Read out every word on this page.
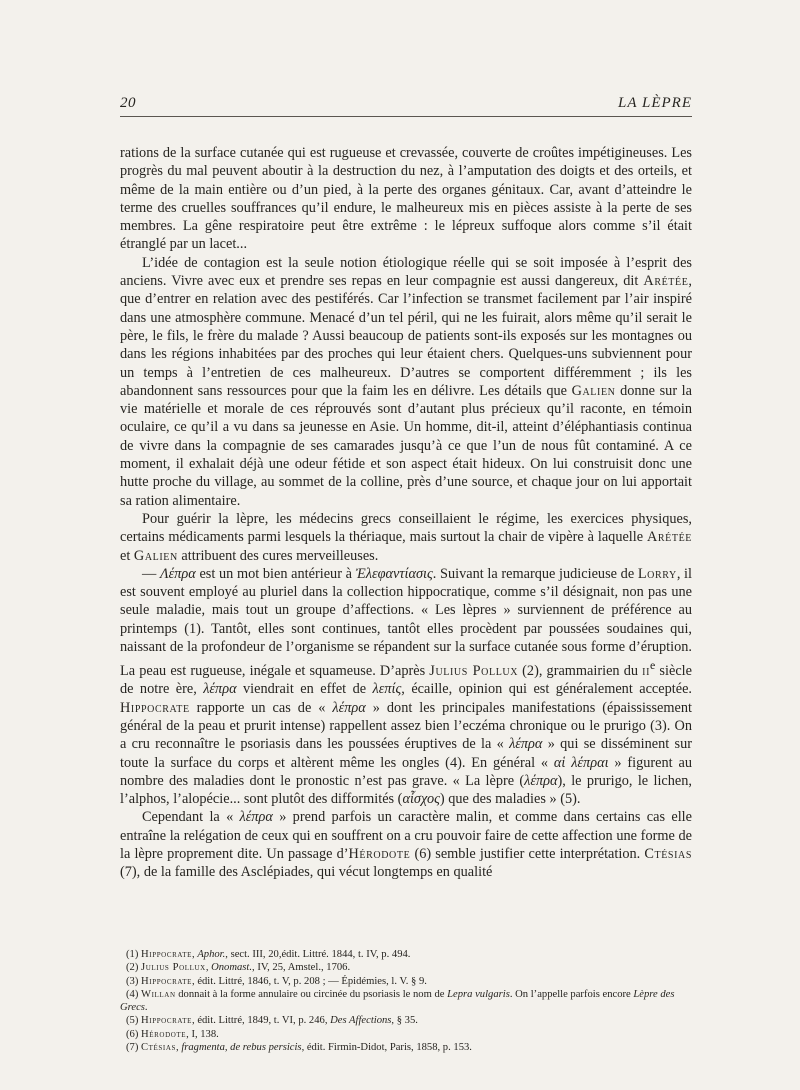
20	LA LÈPRE

rations de la surface cutanée qui est rugueuse et crevassée, couverte de croûtes impétigineuses. Les progrès du mal peuvent aboutir à la destruction du nez, à l’amputation des doigts et des orteils, et même de la main entière ou d’un pied, à la perte des organes génitaux. Car, avant d’atteindre le terme des cruelles souffrances qu’il endure, le malheureux mis en pièces assiste à la perte de ses membres. La gêne respiratoire peut être extrême : le lépreux suffoque alors comme s’il était étranglé par un lacet...

L’idée de contagion est la seule notion étiologique réelle qui se soit imposée à l’esprit des anciens. Vivre avec eux et prendre ses repas en leur compagnie est aussi dangereux, dit Arétée, que d’entrer en relation avec des pestiférés. Car l’infection se transmet facilement par l’air inspiré dans une atmosphère commune. Menacé d’un tel péril, qui ne les fuirait, alors même qu’il serait le père, le fils, le frère du malade ? Aussi beaucoup de patients sont-ils exposés sur les montagnes ou dans les régions inhabitées par des proches qui leur étaient chers. Quelques-uns subviennent pour un temps à l’entretien de ces malheureux. D’autres se comportent différemment ; ils les abandonnent sans ressources pour que la faim les en délivre. Les détails que Galien donne sur la vie matérielle et morale de ces réprouvés sont d’autant plus précieux qu’il raconte, en témoin oculaire, ce qu’il a vu dans sa jeunesse en Asie. Un homme, dit-il, atteint d’éléphantiasis continua de vivre dans la compagnie de ses camarades jusqu’à ce que l’un de nous fût contaminé. A ce moment, il exhalait déjà une odeur fétide et son aspect était hideux. On lui construisit donc une hutte proche du village, au sommet de la colline, près d’une source, et chaque jour on lui apportait sa ration alimentaire.

Pour guérir la lèpre, les médecins grecs conseillaient le régime, les exercices physiques, certains médicaments parmi lesquels la thériaque, mais surtout la chair de vipère à laquelle Arétée et Galien attribuent des cures merveilleuses.

— Λέπρα est un mot bien antérieur à Ἐλεφαντίασις. Suivant la remarque judicieuse de Lorry, il est souvent employé au pluriel dans la collection hippocratique, comme s’il désignait, non pas une seule maladie, mais tout un groupe d’affections. « Les lèpres » surviennent de préférence au printemps (1). Tantôt, elles sont continues, tantôt elles procèdent par poussées soudaines qui, naissant de la profondeur de l’organisme se répandent sur la surface cutanée sous forme d’éruption. La peau est rugueuse, inégale et squameuse. D’après Julius Pollux (2), grammairien du $ii^e$ siècle de notre ère, λέπρα viendrait en effet de λεπίς, écaille, opinion qui est généralement acceptée. Hippocrate rapporte un cas de « λέπρα » dont les principales manifestations (épaississement général de la peau et prurit intense) rappellent assez bien l’eczéma chronique ou le prurigo (3). On a cru reconnaître le psoriasis dans les poussées éruptives de la « λέπρα » qui se disséminent sur toute la surface du corps et altèrent même les ongles (4). En général « αἱ λέπραι » figurent au nombre des maladies dont le pronostic n’est pas grave. « La lèpre (λέπρα), le prurigo, le lichen, l’alphos, l’alopécie... sont plutôt des difformités (αἶσχος) que des maladies » (5).

Cependant la « λέπρα » prend parfois un caractère malin, et comme dans certains cas elle entraîne la relégation de ceux qui en souffrent on a cru pouvoir faire de cette affection une forme de la lèpre proprement dite. Un passage d’Hérodote (6) semble justifier cette interprétation. Ctésias (7), de la famille des Asclépiades, qui vécut longtemps en qualité

(1) Hippocrate, Aphor., sect. III, 20,édit. Littré. 1844, t. IV, p. 494.

(2) Julius Pollux, Onomast., IV, 25, Amstel., 1706.

(3) Hippocrate, édit. Littré, 1846, t. V, p. 208 ; — Épidémies, l. V. § 9.

(4) Willan donnait à la forme annulaire ou circinée du psoriasis le nom de Lepra vulgaris. On l’appelle parfois encore Lèpre des Grecs.

(5) Hippocrate, édit. Littré, 1849, t. VI, p. 246, Des Affections, § 35.

(6) Hérodote, I, 138.

(7) Ctésias, fragmenta, de rebus persicis, édit. Firmin-Didot, Paris, 1858, p. 153.
